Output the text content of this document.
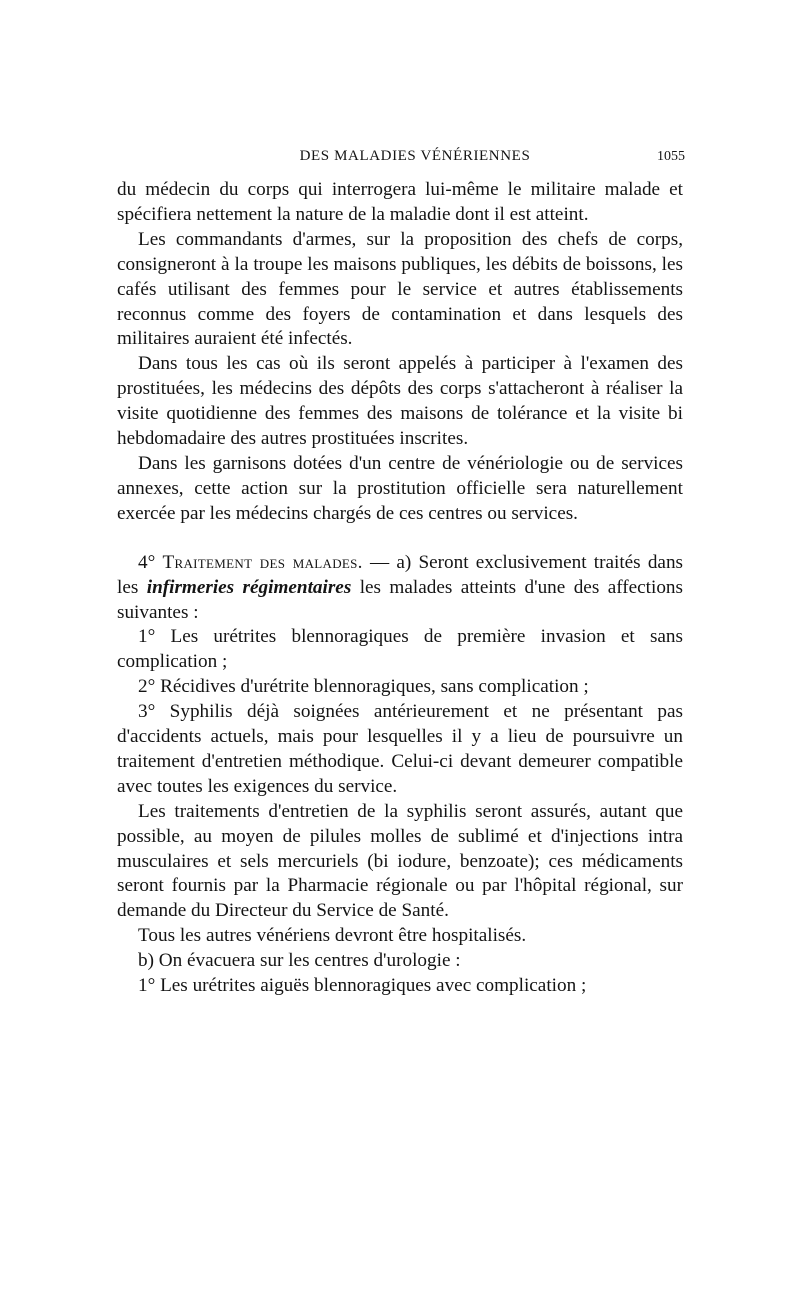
DES MALADIES VÉNÉRIENNES	1055

du médecin du corps qui interrogera lui-même le militaire malade et spécifiera nettement la nature de la maladie dont il est atteint.

Les commandants d'armes, sur la proposition des chefs de corps, consigneront à la troupe les maisons publiques, les débits de boissons, les cafés utilisant des femmes pour le service et autres établissements reconnus comme des foyers de contamination et dans lesquels des militaires auraient été infectés.

Dans tous les cas où ils seront appelés à participer à l'examen des prostituées, les médecins des dépôts des corps s'attacheront à réaliser la visite quotidienne des femmes des maisons de tolérance et la visite bi hebdomadaire des autres prostituées inscrites.

Dans les garnisons dotées d'un centre de vénériologie ou de services annexes, cette action sur la prostitution officielle sera naturellement exercée par les médecins chargés de ces centres ou services.

4° Traitement des malades. — a) Seront exclusivement traités dans les infirmeries régimentaires les malades atteints d'une des affections suivantes :

1° Les urétrites blennoragiques de première invasion et sans complication ;

2° Récidives d'urétrite blennoragiques, sans complication ;

3° Syphilis déjà soignées antérieurement et ne présentant pas d'accidents actuels, mais pour lesquelles il y a lieu de poursuivre un traitement d'entretien méthodique. Celui-ci devant demeurer compatible avec toutes les exigences du service.

Les traitements d'entretien de la syphilis seront assurés, autant que possible, au moyen de pilules molles de sublimé et d'injections intra musculaires et sels mercuriels (bi iodure, benzoate); ces médicaments seront fournis par la Pharmacie régionale ou par l'hôpital régional, sur demande du Directeur du Service de Santé.

Tous les autres vénériens devront être hospitalisés.

b) On évacuera sur les centres d'urologie :

1° Les urétrites aiguës blennoragiques avec complication ;
